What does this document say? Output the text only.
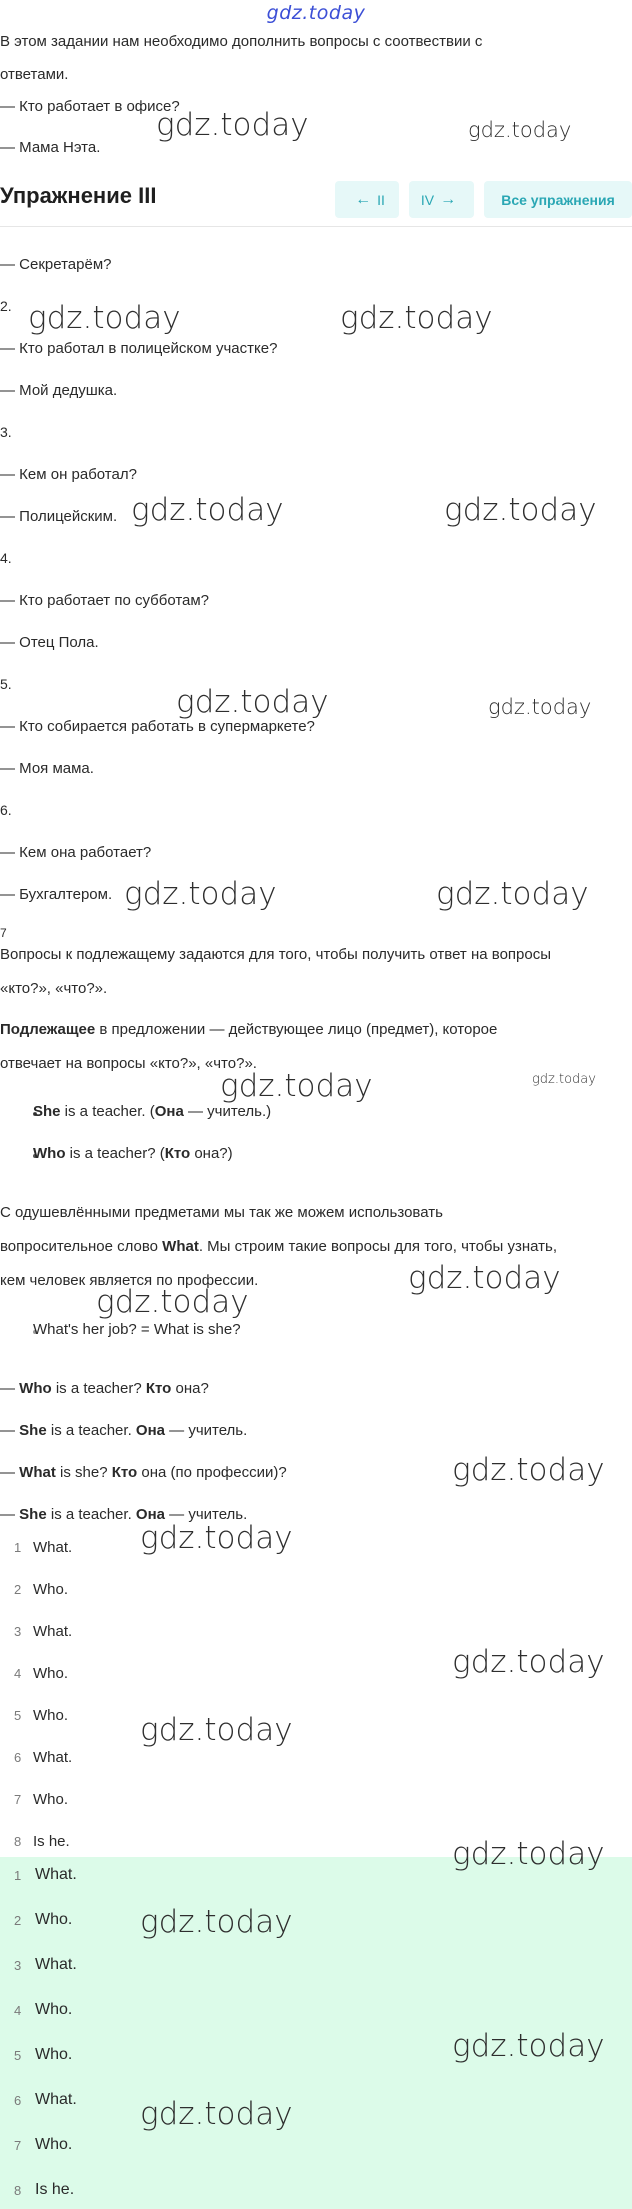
gdz.today
В этом задании нам необходимо дополнить вопросы с соотвествии с
ответами.
— Кто работает в офисе?
— Мама Нэта.
Упражнение III	← II	IV →	Все упражнения
— Секретарём?
2.
— Кто работал в полицейском участке?
— Мой дедушка.
3.
— Кем он работал?
— Полицейским.
4.
— Кто работает по субботам?
— Отец Пола.
5.
— Кто собирается работать в супермаркете?
— Моя мама.
6.
— Кем она работает?
— Бухгалтером.
7
Вопросы к подлежащему задаются для того, чтобы получить ответ на вопросы
«кто?», «что?».
Подлежащее в предложении — действующее лицо (предмет), которое
отвечает на вопросы «кто?», «что?».
She is a teacher. (Она — учитель.)
Who is a teacher? (Кто она?)
С одушевлёнными предметами мы так же можем использовать
вопросительное слово What. Мы строим такие вопросы для того, чтобы узнать,
кем человек является по профессии.
What's her job? = What is she?
— Who is a teacher? Кто она?
— She is a teacher. Она — учитель.
— What is she? Кто она (по профессии)?
— She is a teacher. Она — учитель.
1 What.
2 Who.
3 What.
4 Who.
5 Who.
6 What.
7 Who.
8 Is he.
1 What.
2 Who.
3 What.
4 Who.
5 Who.
6 What.
7 Who.
8 Is he.
gdz.today	gdz.today
gdz.today	gdz.today
gdz.today	gdz.today
gdz.today	gdz.today
gdz.today	gdz.today
gdz.today	gdz.today
gdz.today
gdz.today
gdz.today
gdz.today
gdz.today
gdz.today
gdz.today
gdz.today
gdz.today
gdz.today
